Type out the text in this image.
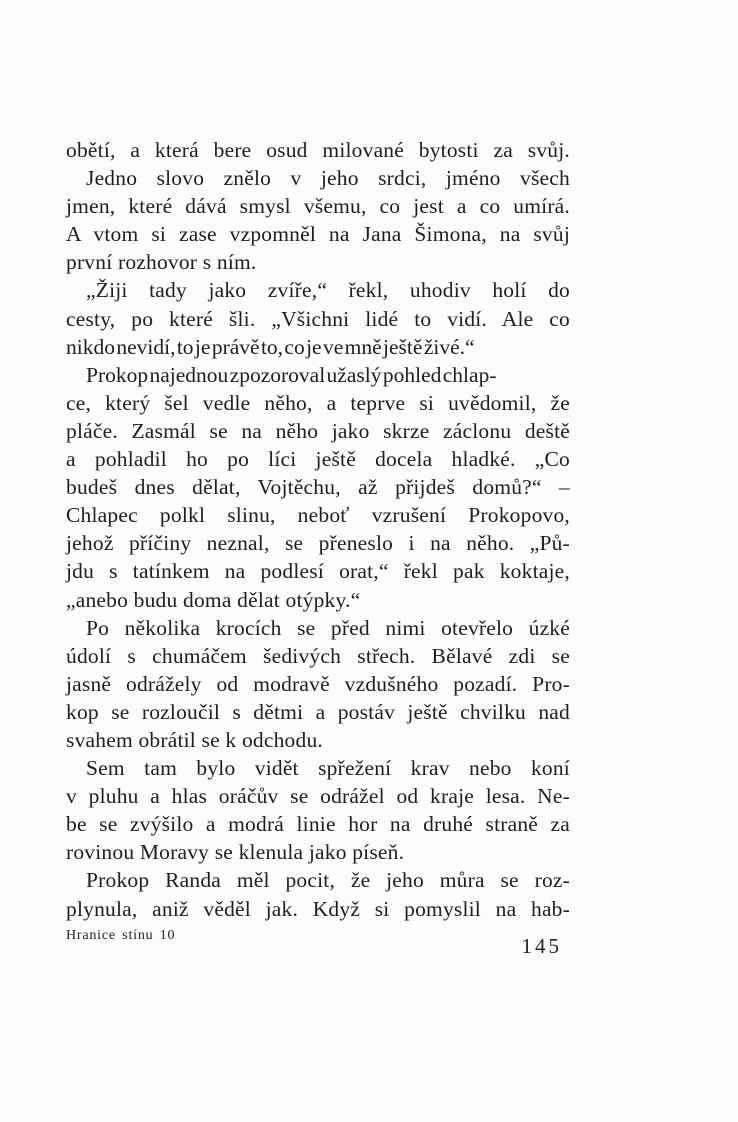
obětí, a která bere osud milované bytosti za svůj.
Jedno slovo znělo v jeho srdci, jméno všech
jmen, které dává smysl všemu, co jest a co umírá.
A vtom si zase vzpomněl na Jana Šimona, na svůj
první rozhovor s ním.
„Žiji tady jako zvíře,“ řekl, uhodiv holí do
cesty, po které šli. „Všichni lidé to vidí. Ale co
nikdo nevidí, to je právě to, co je ve mně ještě živé.“
Prokop najednou zpozoroval užaslý pohled chlap-
ce, který šel vedle něho, a teprve si uvědomil, že
pláče. Zasmál se na něho jako skrze záclonu deště
a pohladil ho po líci ještě docela hladké. „Co
budeš dnes dělat, Vojtěchu, až přijdeš domů?“ –
Chlapec polkl slinu, neboť vzrušení Prokopovo,
jehož příčiny neznal, se přeneslo i na něho. „Pů-
jdu s tatínkem na podlesí orat,“ řekl pak koktaje,
„anebo budu doma dělat otýpky.“
Po několika krocích se před nimi otevřelo úzké
údolí s chumáčem šedivých střech. Bělavé zdi se
jasně odrážely od modravě vzdušného pozadí. Pro-
kop se rozloučil s dětmi a postáv ještě chvilku nad
svahem obrátil se k odchodu.
Sem tam bylo vidět spřežení krav nebo koní
v pluhu a hlas oráčův se odrážel od kraje lesa. Ne-
be se zvýšilo a modrá linie hor na druhé straně za
rovinou Moravy se klenula jako píseň.
Prokop Randa měl pocit, že jeho můra se roz-
plynula, aniž věděl jak. Když si pomyslil na hab-
Hranice stínu 10	145
